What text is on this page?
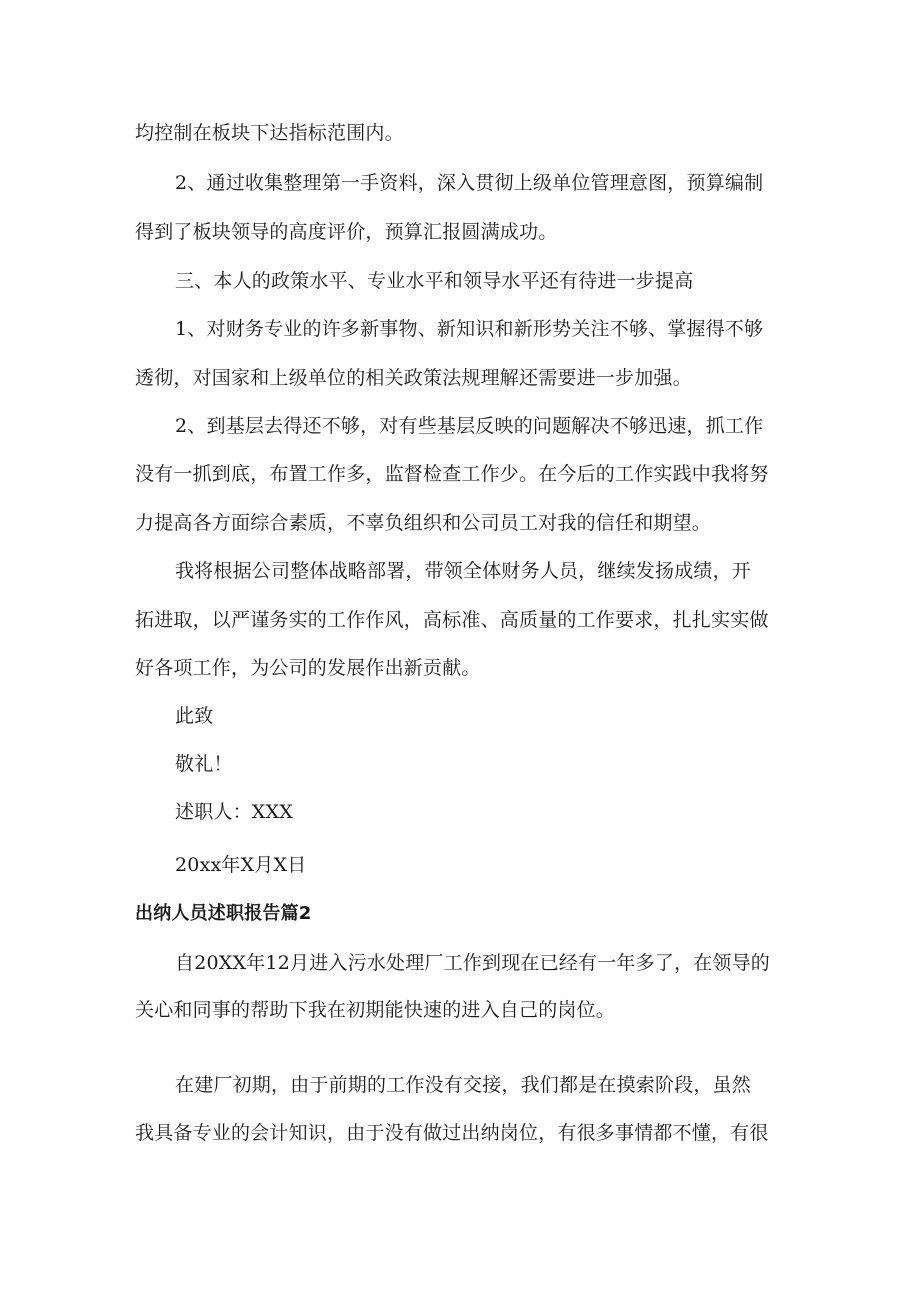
均控制在板块下达指标范围内。
2、通过收集整理第一手资料，深入贯彻上级单位管理意图，预算编制
得到了板块领导的高度评价，预算汇报圆满成功。
三、本人的政策水平、专业水平和领导水平还有待进一步提高
1、对财务专业的许多新事物、新知识和新形势关注不够、掌握得不够
透彻，对国家和上级单位的相关政策法规理解还需要进一步加强。
2、到基层去得还不够，对有些基层反映的问题解决不够迅速，抓工作
没有一抓到底，布置工作多，监督检查工作少。在今后的工作实践中我将努
力提高各方面综合素质，不辜负组织和公司员工对我的信任和期望。
我将根据公司整体战略部署，带领全体财务人员，继续发扬成绩，开
拓进取，以严谨务实的工作作风，高标准、高质量的工作要求，扎扎实实做
好各项工作，为公司的发展作出新贡献。
此致
敬礼！
述职人：XXX
20xx年X月X日
出纳人员述职报告篇2
自20XX年12月进入污水处理厂工作到现在已经有一年多了，在领导的
关心和同事的帮助下我在初期能快速的进入自己的岗位。
在建厂初期，由于前期的工作没有交接，我们都是在摸索阶段，虽然
我具备专业的会计知识，由于没有做过出纳岗位，有很多事情都不懂，有很
